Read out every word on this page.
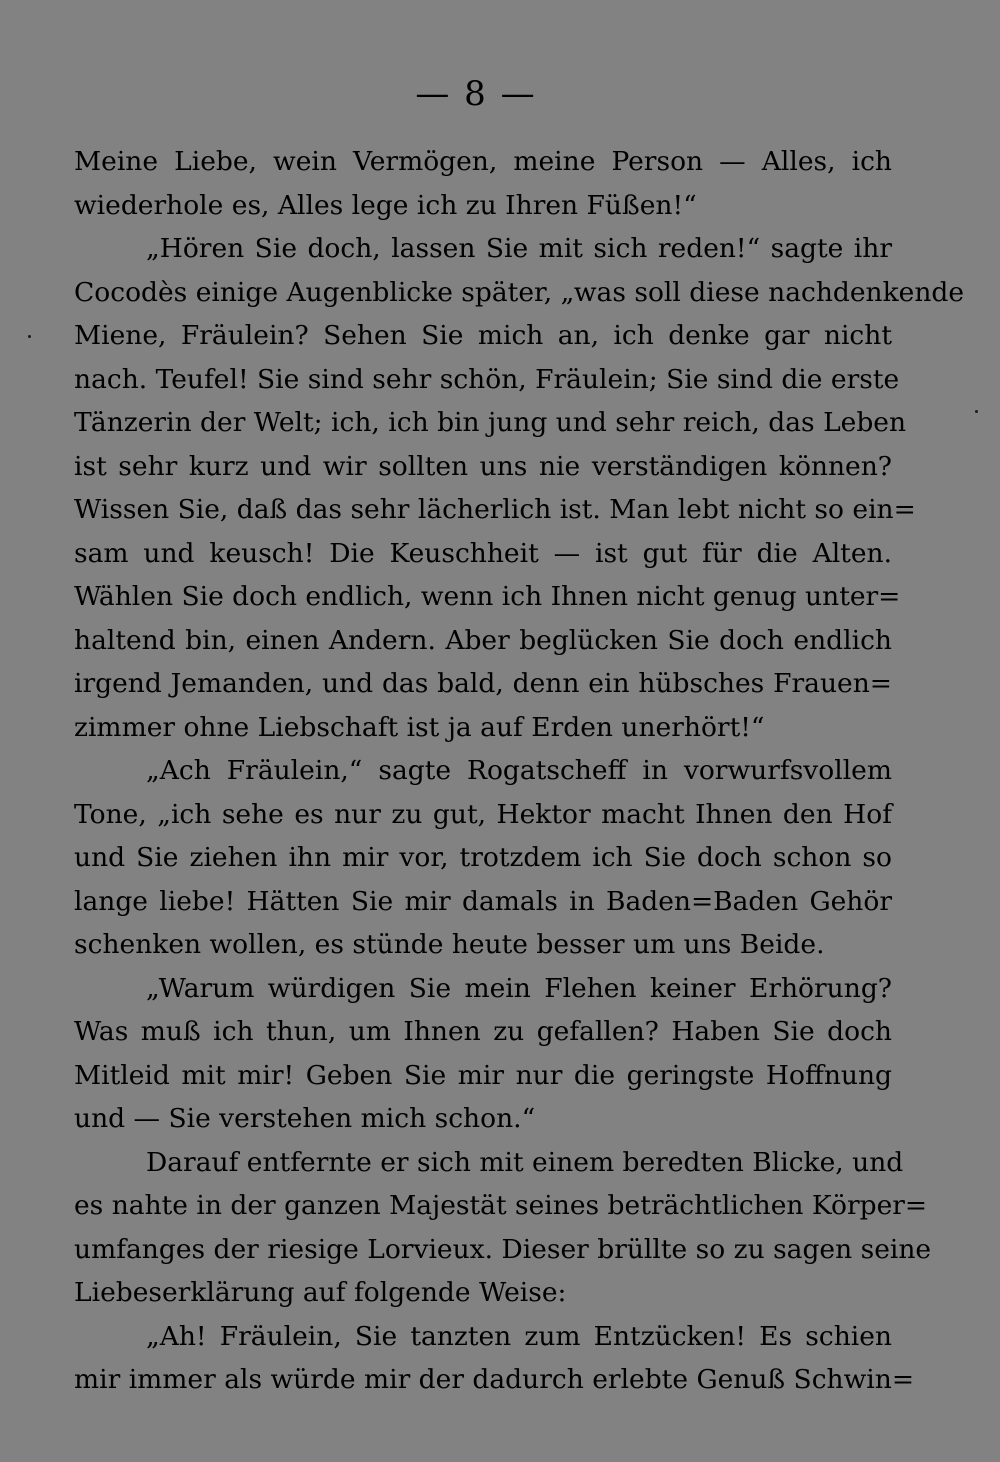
— 8 —
Meine Liebe, wein Vermögen, meine Person — Alles, ich
wiederhole es, Alles lege ich zu Ihren Füßen!“
„Hören Sie doch, lassen Sie mit sich reden!“ sagte ihr
Cocodès einige Augenblicke später, „was soll diese nachdenkende
Miene, Fräulein? Sehen Sie mich an, ich denke gar nicht
nach. Teufel! Sie sind sehr schön, Fräulein; Sie sind die erste
Tänzerin der Welt; ich, ich bin jung und sehr reich, das Leben
ist sehr kurz und wir sollten uns nie verständigen können?
Wissen Sie, daß das sehr lächerlich ist. Man lebt nicht so ein=
sam und keusch! Die Keuschheit — ist gut für die Alten.
Wählen Sie doch endlich, wenn ich Ihnen nicht genug unter=
haltend bin, einen Andern. Aber beglücken Sie doch endlich
irgend Jemanden, und das bald, denn ein hübsches Frauen=
zimmer ohne Liebschaft ist ja auf Erden unerhört!“
„Ach Fräulein,“ sagte Rogatscheff in vorwurfsvollem
Tone, „ich sehe es nur zu gut, Hektor macht Ihnen den Hof
und Sie ziehen ihn mir vor, trotzdem ich Sie doch schon so
lange liebe! Hätten Sie mir damals in Baden=Baden Gehör
schenken wollen, es stünde heute besser um uns Beide.
„Warum würdigen Sie mein Flehen keiner Erhörung?
Was muß ich thun, um Ihnen zu gefallen? Haben Sie doch
Mitleid mit mir! Geben Sie mir nur die geringste Hoffnung
und — Sie verstehen mich schon.“
Darauf entfernte er sich mit einem beredten Blicke, und
es nahte in der ganzen Majestät seines beträchtlichen Körper=
umfanges der riesige Lorvieux. Dieser brüllte so zu sagen seine
Liebeserklärung auf folgende Weise:
„Ah! Fräulein, Sie tanzten zum Entzücken! Es schien
mir immer als würde mir der dadurch erlebte Genuß Schwin=
